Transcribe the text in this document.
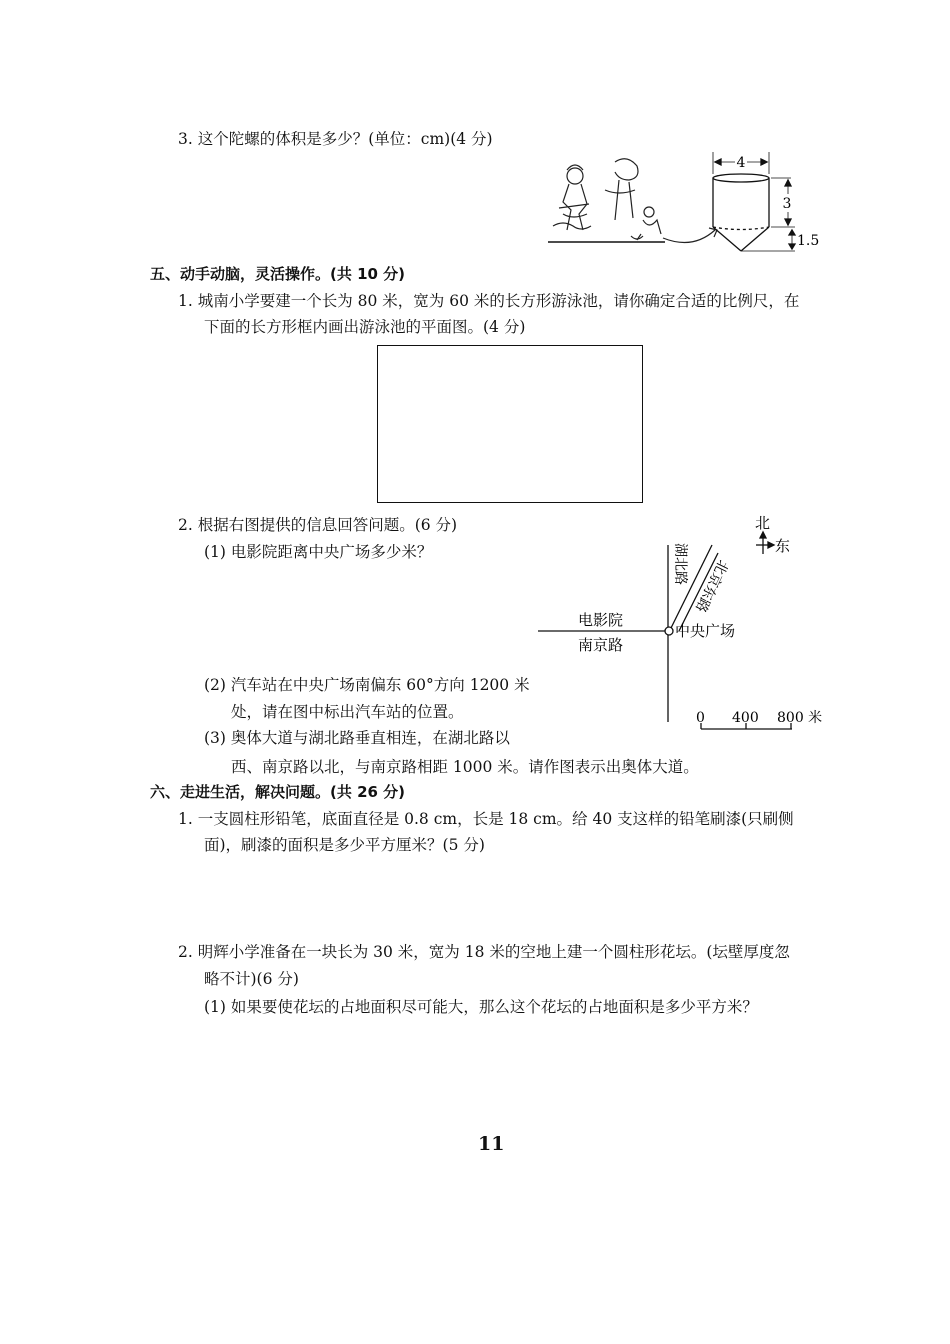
3. 这个陀螺的体积是多少？(单位：cm)(4 分)
4
3
1.5
五、动手动脑，灵活操作。(共 10 分)
1. 城南小学要建一个长为 80 米，宽为 60 米的长方形游泳池，请你确定合适的比例尺，在
下面的长方形框内画出游泳池的平面图。(4 分)
2. 根据右图提供的信息回答问题。(6 分)
(1) 电影院距离中央广场多少米？
(2) 汽车站在中央广场南偏东 60°方向 1200 米
处，请在图中标出汽车站的位置。
(3) 奥体大道与湖北路垂直相连，在湖北路以
西、南京路以北，与南京路相距 1000 米。请作图表示出奥体大道。
北
东
湖北路 北京东路
电影院
南京路
中央广场
0 400 800 米
六、走进生活，解决问题。(共 26 分)
1. 一支圆柱形铅笔，底面直径是 0.8 cm，长是 18 cm。给 40 支这样的铅笔刷漆(只刷侧
面)，刷漆的面积是多少平方厘米？(5 分)
2. 明辉小学准备在一块长为 30 米，宽为 18 米的空地上建一个圆柱形花坛。(坛壁厚度忽
略不计)(6 分)
(1) 如果要使花坛的占地面积尽可能大，那么这个花坛的占地面积是多少平方米？
11
